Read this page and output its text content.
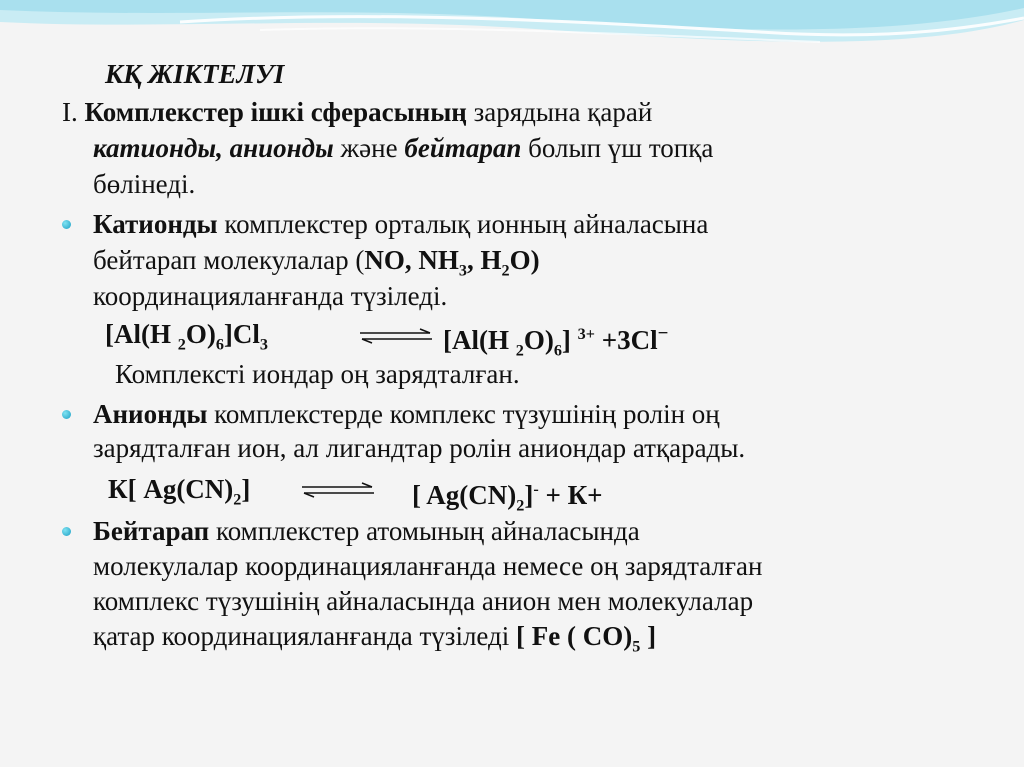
КҚ ЖІКТЕЛУІ
I. Комплекстер ішкі сферасының зарядына қарай
катионды, анионды және бейтарап болып үш топқа
бөлінеді.
Катионды комплекстер орталық ионның айналасына
бейтарап молекулалар (NO, $NH_3$, $H_2O$)
координацияланғанда түзіледі.
[Al(H $_2O)_6]Cl_3$	[Al(H $_2O)_6$] $^{3+}$ +3Cl−
Комплексті иондар оң зарядталған.
Анионды комплекстерде комплекс түзушінің ролін оң
зарядталған ион, ал лигандтар ролін аниондар атқарады.
К[ $Ag(CN)_2$]	[ $Ag(CN)_2]^- + К+$
Бейтарап комплекстер атомының айналасында
молекулалар координацияланғанда немесе оң зарядталған
комплекс түзушінің айналасында анион мен молекулалар
қатар координацияланғанда түзіледі [ Fe ( $CO)_5$ ]
